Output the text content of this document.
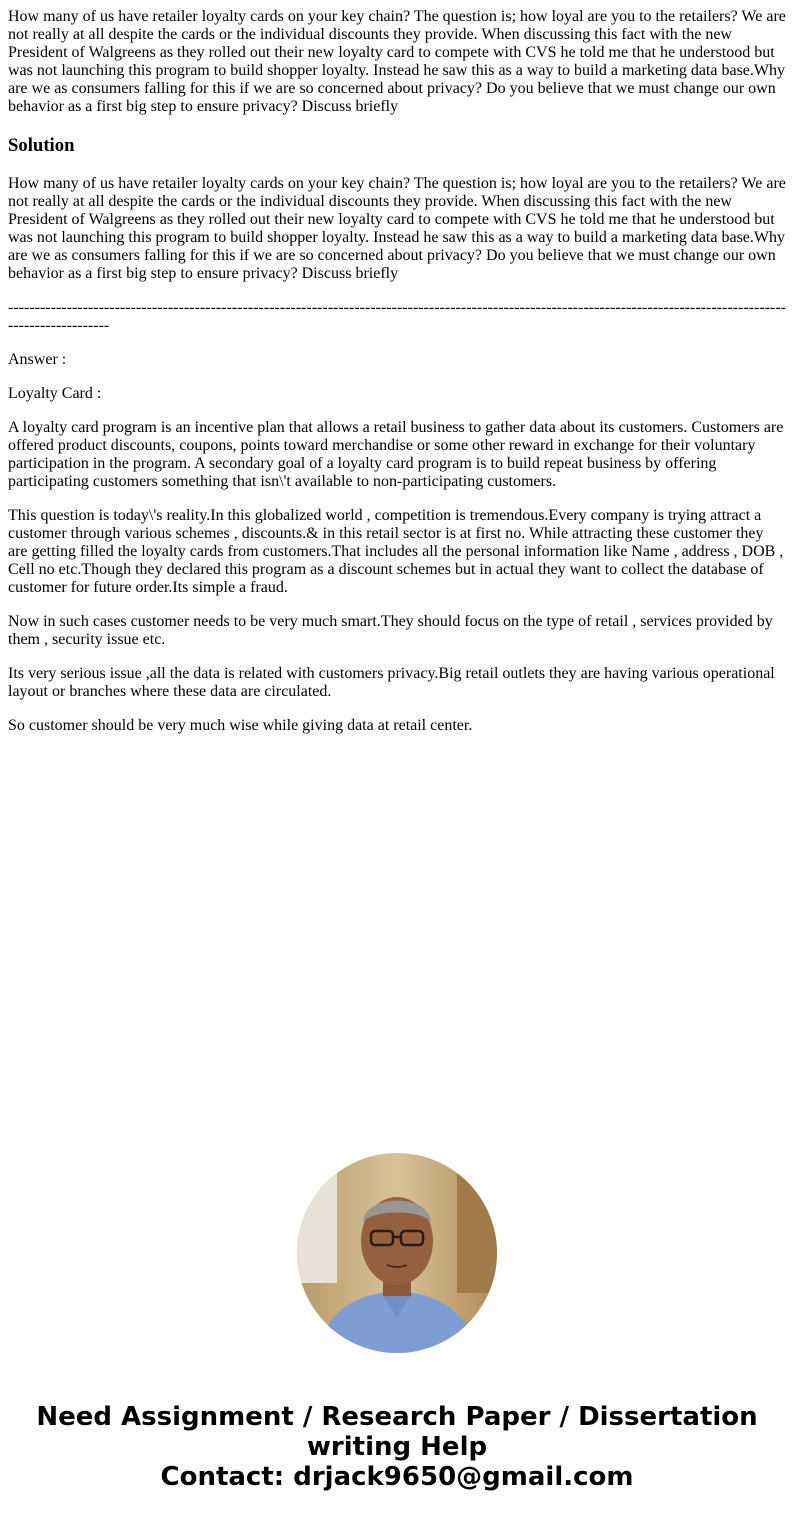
How many of us have retailer loyalty cards on your key chain? The question is; how loyal are you to the retailers? We are not really at all despite the cards or the individual discounts they provide. When discussing this fact with the new President of Walgreens as they rolled out their new loyalty card to compete with CVS he told me that he understood but was not launching this program to build shopper loyalty. Instead he saw this as a way to build a marketing data base.Why are we as consumers falling for this if we are so concerned about privacy? Do you believe that we must change our own behavior as a first big step to ensure privacy? Discuss briefly

Solution

How many of us have retailer loyalty cards on your key chain? The question is; how loyal are you to the retailers? We are not really at all despite the cards or the individual discounts they provide. When discussing this fact with the new President of Walgreens as they rolled out their new loyalty card to compete with CVS he told me that he understood but was not launching this program to build shopper loyalty. Instead he saw this as a way to build a marketing data base.Why are we as consumers falling for this if we are so concerned about privacy? Do you believe that we must change our own behavior as a first big step to ensure privacy? Discuss briefly

---------------------------------------------------------------------------------------------------------------------------------------------------------------------

Answer :

Loyalty Card :

A loyalty card program is an incentive plan that allows a retail business to gather data about its customers. Customers are offered product discounts, coupons, points toward merchandise or some other reward in exchange for their voluntary participation in the program. A secondary goal of a loyalty card program is to build repeat business by offering participating customers something that isn\'t available to non-participating customers.

This question is today\'s reality.In this globalized world , competition is tremendous.Every company is trying attract a customer through various schemes , discounts.& in this retail sector is at first no. While attracting these customer they are getting filled the loyalty cards from customers.That includes all the personal information like Name , address , DOB , Cell no etc.Though they declared this program as a discount schemes but in actual they want to collect the database of customer for future order.Its simple a fraud.

Now in such cases customer needs to be very much smart.They should focus on the type of retail , services provided by them , security issue etc.

Its very serious issue ,all the data is related with customers privacy.Big retail outlets they are having various operational layout or branches where these data are circulated.

So customer should be very much wise while giving data at retail center.

Need Assignment / Research Paper / Dissertation writing Help
Contact: drjack9650@gmail.com
